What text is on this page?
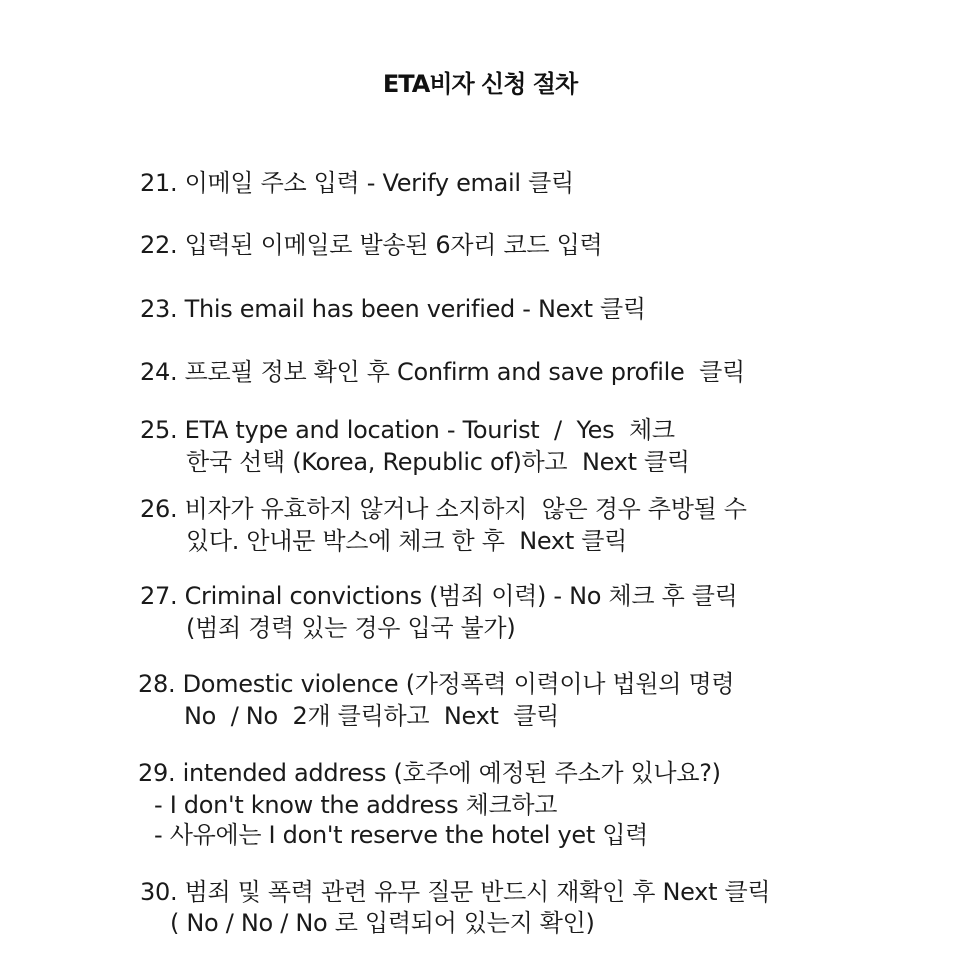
ETA비자 신청 절차
21. 이메일 주소 입력 - Verify email 클릭
22. 입력된 이메일로 발송된 6자리 코드 입력
23. This email has been verified - Next 클릭
24. 프로필 정보 확인 후 Confirm and save profile  클릭
25. ETA type and location - Tourist  /  Yes  체크
한국 선택 (Korea, Republic of)하고  Next 클릭
26. 비자가 유효하지 않거나 소지하지  않은 경우 추방될 수
있다. 안내문 박스에 체크 한 후  Next 클릭
27. Criminal convictions (범죄 이력) - No 체크 후 클릭
(범죄 경력 있는 경우 입국 불가)
28. Domestic violence (가정폭력 이력이나 법원의 명령
No  / No  2개 클릭하고  Next  클릭
29. intended address (호주에 예정된 주소가 있나요?)
- I don't know the address 체크하고
- 사유에는 I don't reserve the hotel yet 입력
30. 범죄 및 폭력 관련 유무 질문 반드시 재확인 후 Next 클릭
( No / No / No 로 입력되어 있는지 확인)
